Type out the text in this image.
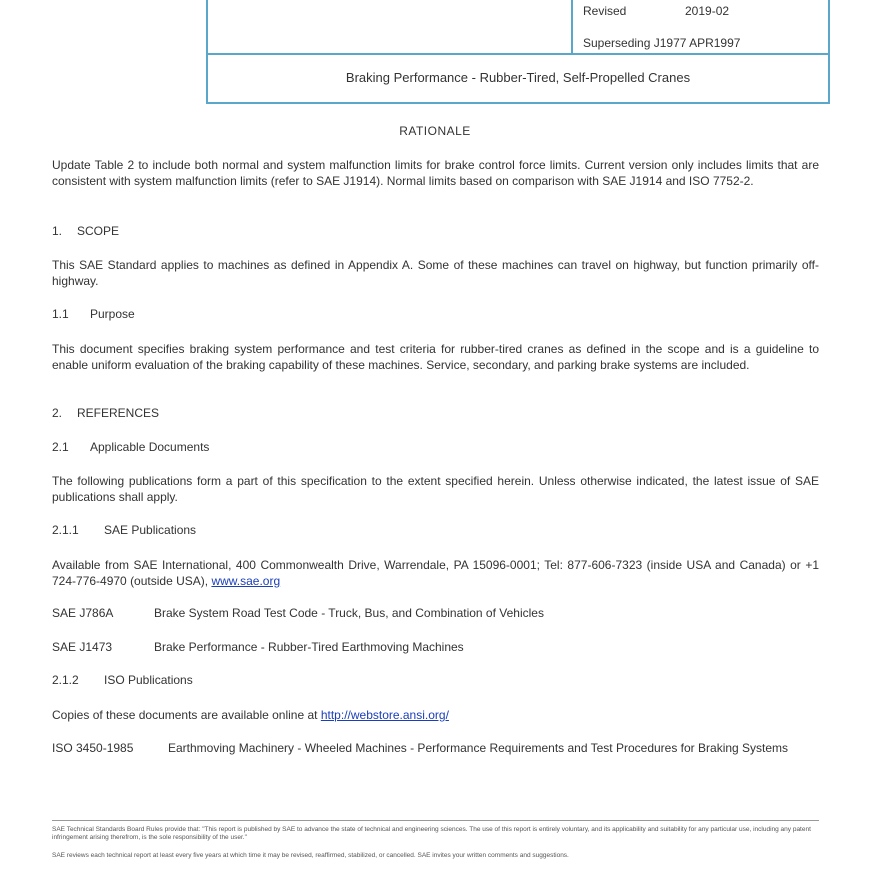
Revised	2019-02
Superseding J1977 APR1997
Braking Performance - Rubber-Tired, Self-Propelled Cranes
RATIONALE
Update Table 2 to include both normal and system malfunction limits for brake control force limits. Current version only includes limits that are consistent with system malfunction limits (refer to SAE J1914). Normal limits based on comparison with SAE J1914 and ISO 7752-2.
1. SCOPE
This SAE Standard applies to machines as defined in Appendix A. Some of these machines can travel on highway, but function primarily off-highway.
1.1 Purpose
This document specifies braking system performance and test criteria for rubber-tired cranes as defined in the scope and is a guideline to enable uniform evaluation of the braking capability of these machines. Service, secondary, and parking brake systems are included.
2. REFERENCES
2.1 Applicable Documents
The following publications form a part of this specification to the extent specified herein. Unless otherwise indicated, the latest issue of SAE publications shall apply.
2.1.1 SAE Publications
Available from SAE International, 400 Commonwealth Drive, Warrendale, PA 15096-0001; Tel: 877-606-7323 (inside USA and Canada) or +1 724-776-4970 (outside USA), www.sae.org
SAE J786A	Brake System Road Test Code - Truck, Bus, and Combination of Vehicles
SAE J1473	Brake Performance - Rubber-Tired Earthmoving Machines
2.1.2 ISO Publications
Copies of these documents are available online at http://webstore.ansi.org/
ISO 3450-1985	Earthmoving Machinery - Wheeled Machines - Performance Requirements and Test Procedures for Braking Systems
SAE Technical Standards Board Rules provide that: "This report is published by SAE to advance the state of technical and engineering sciences. The use of this report is entirely voluntary, and its applicability and suitability for any particular use, including any patent infringement arising therefrom, is the sole responsibility of the user."
SAE reviews each technical report at least every five years at which time it may be revised, reaffirmed, stabilized, or cancelled. SAE invites your written comments and suggestions.
